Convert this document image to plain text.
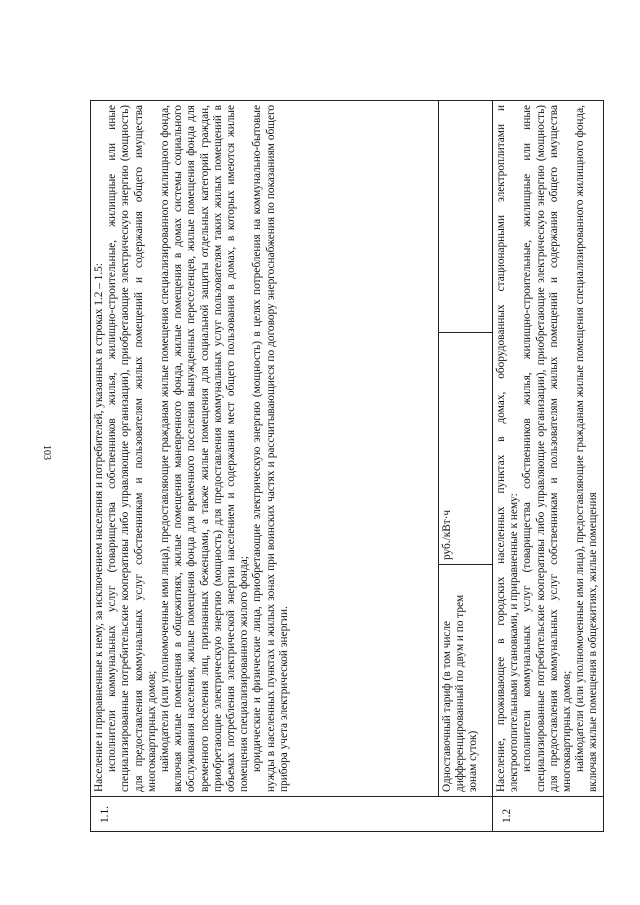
103
1.1.	Население и приравненные к нему, за исключением населения и потребителей, указанных в строках 1.2 – 1.5: исполнители коммунальных услуг (товарищества собственников жилья, жилищно-строительные, жилищные или иные специализированные потребительские кооперативы либо управляющие организации), приобретающие электрическую энергию (мощность) для предоставления коммунальных услуг собственникам и пользователям жилых помещений и содержания общего имущества многоквартирных домов; наймодатели (или уполномоченные ими лица), предоставляющие гражданам жилые помещения специализированного жилищного фонда, включая жилые помещения в общежитиях, жилые помещения маневренного фонда, жилые помещения в домах системы социального обслуживания населения, жилые помещения фонда для временного поселения вынужденных переселенцев, жилые помещения фонда для временного поселения лиц, признанных беженцами, а также жилые помещения для социальной защиты отдельных категорий граждан, приобретающие электрическую энергию (мощность) для предоставления коммунальных услуг пользователям таких жилых помещений в объемах потребления электрической энергии населением и содержания мест общего пользования в домах, в которых имеются жилые помещения специализированного жилого фонда; юридические и физические лица, приобретающие электрическую энергию (мощность) в целях потребления на коммунально-бытовые нужды в населенных пунктах и жилых зонах при воинских частях и рассчитывающиеся по договору энергоснабжения по показаниям общего прибора учета электрической энергии.		

	Одноставочный тариф (в том числе дифференцированный по двум и по трем зонам суток)	руб./кВт·ч	
1.2	Население, проживающее в городских населенных пунктах в домах, оборудованных стационарными электроплитами и электроотопительными установками, и приравненные к нему: исполнители коммунальных услуг (товарищества собственников жилья, жилищно-строительные, жилищные или иные специализированные потребительские кооперативы либо управляющие организации), приобретающие электрическую энергию (мощность) для предоставления коммунальных услуг собственникам и пользователям жилых помещений и содержания общего имущества многоквартирных домов; наймодатели (или уполномоченные ими лица), предоставляющие гражданам жилые помещения специализированного жилищного фонда, включая жилые помещения в общежитиях, жилые помещения		
